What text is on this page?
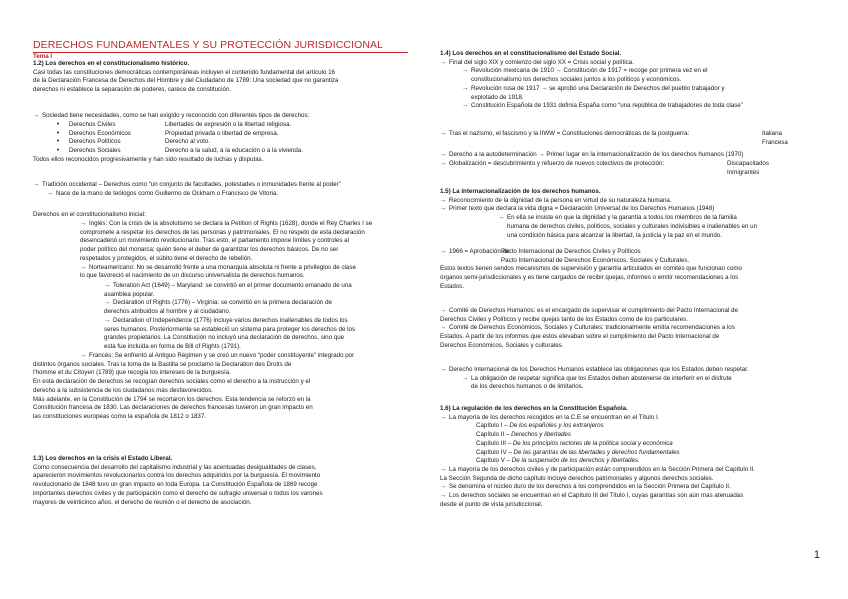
DERECHOS FUNDAMENTALES Y SU PROTECCIÓN JURISDICCIONAL
Tema I
1.2) Los derechos en el constitucionalismo histórico.
Casi todas las constituciones democráticas contemporáneas incluyen el contenido fundamental del artículo 16
de la Declaración Francesa de Derechos del Hombre y del Ciudadano de 1789: Una sociedad que no garantiza
derechos ni establece la separación de poderes, carece de constitución.
→ Sociedad tiene necesidades, como se han exigido y reconocido con diferentes tipos de derechos:
• Derechos Civiles	Libertades de expresión o la libertad religiosa.
• Derechos Económicos	Propiedad privada o libertad de empresa.
• Derechos Políticos	Derecho al voto.
• Derechos Sociales	Derecho a la salud, a la educación o a la vivienda.
Todos ellos reconocidos progresivamente y han sido resultado de luchas y disputas.
→ Tradición occidental – Derechos como “un conjunto de facultades, potestades o inmunidades frente al poder”
→ Nace de la mano de teólogos como Guillermo de Ockham o Francisco de Vitoria.
Derechos en el constitucionalismo inicial:
→ Inglés: Con la crisis de la absolutismo se declara la Petition of Rights (1628), donde el Rey Charles I se
compromete a respetar los derechos de las personas y patrimoniales. El no respeto de esta declaración
desencadenó un movimiento revolucionario. Tras esto, el parlamento impone límites y controles al
poder político del monarca; quién tiene el deber de garantizar los derechos básicos. De no ser
respetados y protegidos, el súbito tiene el derecho de rebelión.
→ Norteamericano: No se desarrolló frente a una monarquía absoluta ni frente a privilegios de clase
lo que favoreció el nacimiento de un discurso universalista de derechos humanos.
→ Toleration Act (1649) – Maryland: se convirtió en el primer documento emanado de una
asamblea popular.
→ Declaration of Rights (1776) – Virginia: se convirtió en la primera declaración de
derechos atribuidos al hombre y al ciudadano.
→ Declaration of Independence (1776) incluye varios derechos inalienables de todos los
seres humanos. Posteriormente se estableció un sistema para proteger los derechos de los
grandes propietarios. La Constitución no incluyó una declaración de derechos, sino que
esta fue incluida en forma de Bill of Rights (1791).
→ Francés: Se enfrentó al Antiguo Régimen y se creó un nuevo “poder constituyente” integrado por
distintos órganos sociales. Tras la toma de la Bastilla se proclamó la Declaration des Droits de
l'homme et du Citoyen (1789) que recogía los intereses de la burguesía.
En esta declaración de derechos se recogían derechos sociales como el derecho a la instrucción y el
derecho a la subsistencia de los ciudadanos más desfavorecidos.
Más adelante, en la Constitución de 1794 se recortaron los derechos. Esta tendencia se reforzó en la
Constitución francesa de 1830. Las declaraciones de derechos francesas tuvieron un gran impacto en
las constituciones europeas como la española de 1812 o 1837.
1.3) Los derechos en la crisis el Estado Liberal.
Como consecuencia del desarrollo del capitalismo industrial y las acentuadas desigualdades de clases,
aparecieron movimientos revolucionarios contra los derechos adquiridos por la burguesía. El movimiento
revolucionario de 1848 tuvo un gran impacto en toda Europa. La Constitución Española de 1869 recoge
importantes derechos civiles y de participación como el derecho de sufragio universal o todos los varones
mayores de veinticinco años, el derecho de reunión o el derecho de asociación.
1.4) Los derechos en el constitucionalismo del Estado Social.
→ Final del siglo XIX y comienzo del siglo XX = Crisis social y política.
→ Revolución mexicana de 1910 → Constitución de 1917 = recoge por primera vez en el
constitucionalismo los derechos sociales juntos a los políticos y económicos.
→ Revolución rusa de 1917 → se aprobó una Declaración de Derechos del pueblo trabajador y
explotado de 1918.
→ Constitución Española de 1931 definía España como “una república de trabajadores de toda clase”
→ Tras el nazismo, el fascismo y la IIWW = Constituciones democráticas de la postguerra:	Italiana
Francesa
→ Derecho a la autodeterminación → Primer lugar en la internacionalización de los derechos humanos (1970)
→ Globalización = descubrimiento y refuerzo de nuevos colectivos de protección:	Discapacitados
Inmigrantes
1.5) La internacionalización de los derechos humanos.
→ Reconocimiento de la dignidad de la persona en virtud de su naturaleza humana.
→ Primer texto que declara la vida digna = Declaración Universal de los Derechos Humanos (1948)
→ En ella se insiste en que la dignidad y la garantía a todos los miembros de la familia
humana de derechos civiles, políticos, sociales y culturales indivisibles e inalienables en un
una condición básica para alcanzar la libertad, la justicia y la paz en el mundo.
→ 1966 = Aprobación de:Pacto Internacional de Derechos Civiles y Políticos
Pacto Internacional de Derechos Económicos, Sociales y Culturales.
Estos textos tienen sendos mecanismos de supervisión y garantía articulados en comités que funcionan como
órganos semi-jurisdiccionales y es tiene cargados de recibir quejas, informes o emitir recomendaciones a los
Estados.
→ Comité de Derechos Humanos: es el encargado de supervisar el cumplimiento del Pacto Internacional de
Derechos Civiles y Políticos y recibe quejas tanto de los Estados como de los particulares.
→ Comité de Derechos Económicos, Sociales y Culturales: tradicionalmente emitía recomendaciones a los
Estados. A partir de los informes que estos elevaban sobre el cumplimiento del Pacto Internacional de
Derechos Económicos, Sociales y culturales.
→ Derecho Internacional de los Derechos Humanos establece las obligaciones que los Estados deben respetar.
→ La obligación de respetar significa que los Estados deben abstenerse de interferir en el disfrute
de los derechos humanos o de limitarlos.
1.6) La regulación de los derechos en la Constitución Española.
→ La mayoría de los derechos recogidos en la C.E se encuentran en el Título I.
Capítulo I – De los españoles y los extranjeros
Capítulo II – Derechos y libertades
Capítulo III – De los principios rectores de la política social y económica
Capítulo IV – De las garantías de las libertades y derechos fundamentales
Capítulo V – De la suspensión de los derechos y libertades.
→ La mayoría de los derechos civiles y de participación están comprendidos en la Sección Primera del Capítulo II.
La Sección Segunda de dicho capítulo incluye derechos patrimoniales y algunos derechos sociales.
→ Se denomina el núcleo duro de los derechos a los comprendidos en la Sección Primera del Capítulo II.
→ Los derechos sociales se encuentran en el Capítulo III del Título I, cuyas garantías son aún mas atenuadas
desde el punto de vista jurisdiccional.
1
